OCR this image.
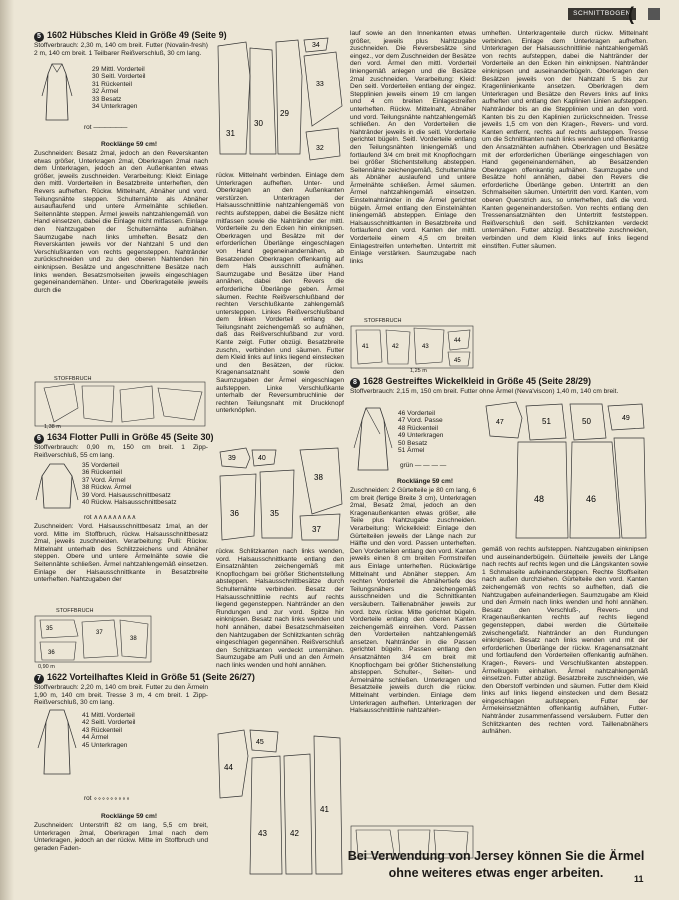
SCHNITTBOGEN
(

5 1602 Hübsches Kleid in Größe 49 (Seite 9)

Stoffverbrauch: 2,30 m, 140 cm breit. Futter (Novalin-fresh) 2 m, 140 cm breit. 1 Teilbarer Reißverschluß, 30 cm lang.

29 Mittl. Vorderteil
30 Seitl. Vorderteil
31 Rückenteil
32 Ärmel
33 Besatz
34 Unterkragen
rot ——————
Rocklänge 59 cm!

Zuschneiden: Besatz 2mal, jedoch an den Reverskanten etwas größer, Unterkragen 2mal, Oberkragen 2mal nach dem Unterkragen, jedoch an den Außenkanten etwas größer, jeweils zuschneiden. Verarbeitung: Kleid: Einlage den mittl. Vorderteilen in Besatzbreite unterheften, den Revers aufheften. Rückw. Mittelnaht, Abnäher und vord. Teilungsnähte steppen. Schulternähte als Abnäher ausauflaufend und untere Ärmelnähte schließen. Seitennähte steppen. Ärmel jeweils nahtzahlengemäß von Hand einsetzen, dabei die Einlage nicht mitfassen. Einlage den Nahtzugaben der Schulternähte aufnähen. Saumzugabe nach links umheften. Besatz den Reverskanten jeweils vor der Nahtzahl 5 und den Verschlußkanten von rechts gegensteppen. Nahtränder zurückschneiden und zu den oberen Nahtenden hin einknipsen. Besätze und angeschnittene Besätze nach links wenden. Besatzsmolseiten jeweils eingeschlagen gegeneinandernähen. Unter- und Oberkrageteile jeweils durch die

STOFFBRUCH
1,38 m

6 1634 Flotter Pulli in Größe 45 (Seite 30)

Stoffverbrauch: 0,90 m, 150 cm breit. 1 Zipp-Reißverschluß, 55 cm lang.

35 Vorderteil
36 Rückenteil
37 Vord. Ärmel
38 Rückw. Ärmel
39 Vord. Halsausschnittbesatz
40 Rückw. Halsausschnittbesatz
rot ∧∧∧∧∧∧∧∧∧

Zuschneiden: Vord. Halsausschnittbesatz 1mal, an der vord. Mitte im Stoffbruch, rückw. Halsausschnittbesatz 2mal, jeweils zuschneiden. Verarbeitung: Pulli: Rückw. Mittelnaht unterhalb des Schlitzzeichens und Abnäher steppen. Obere und untere Ärmelnähte sowie die Seitennähte schließen. Ärmel nahtzahlengemäß einsetzen. Einlage der Halsausschnittkante in Besatzbreite unterheften. Nahtzugaben der

35
37
36
38
STOFFBRUCH
0,90 m

7 1622 Vorteilhaftes Kleid in Größe 51 (Seite 26/27)

Stoffverbrauch: 2,20 m, 140 cm breit. Futter zu den Ärmeln 1,90 m, 140 cm breit. Tresse 3 m, 4 cm breit. 1 Zipp-Reißverschluß, 30 cm lang.

41 Mittl. Vorderteil
42 Seitl. Vorderteil
43 Rückenteil
44 Ärmel
45 Unterkragen
rot ∘∘∘∘∘∘∘∘∘
Rocklänge 59 cm!

Zuschneiden: Unterstrift 82 cm lang, 5,5 cm breit, Unterkragen 2mal, Oberkragen 1mal nach dem Unterkragen, jedoch an der rückw. Mitte im Stoffbruch und geraden Faden-

31
30
29
34
33
32

rückw. Mittelnaht verbinden. Einlage dem Unterkragen aufheften. Unter- und Oberkragen an den Außenkanten verstürzen. Unterkragen der Halsausschnittlinie nahtzahlengemäß von rechts aufsteppen, dabei die Besätze nicht mitfassen sowie die Nahtränder der mittl. Vorderteile zu den Ecken hin einknipsen. Oberkragen und Besätze mit der erforderlichen Überlänge eingeschlagen von Hand gegeneinandernähen, ab Besatzenden Oberkragen offenkantig auf dem Hals ausschnitt aufnähen. Saumzugabe und Besätze über Hand annähen, dabei den Revers die erforderliche Überlänge geben. Ärmel säumen. Rechte Reißverschlußband der rechten Verschlußkante zahlengemäß untersteppen. Linkes Reißverschlußband dem linken Vorderteil entlang der Teilungsnaht zeichengemäß so aufnähen, daß das Reißverschlußband zur vord. Kante zeigt. Futter obzügi. Besatzbreite zuschn., verbinden und säumen. Futter dem Kleid links auf links liegend einstecken und den Besätzen, der rückw. Kragenansatznaht sowie den Saumzugaben der Ärmel eingeschlagen aufsteppen. Linke Verschlußkante unterhalb der Reversumbruchlinie der rechten Teilungsnaht mit Druckknopf unterknöpfen.

39	40
38
37
36	35

rückw. Schlitzkanten nach links wenden, vord. Halsausschnittkante entlang den Einsatznähten zeichengemäß mit Knopflochgarn bei größer Stichentstellung absteppen. Halsausschnittbesätze durch Schulternähte verbinden. Besatz der Halsausschnittlinie rechts auf rechts liegend gegensteppen. Nahtränder an den Rundungen und zur vord. Spitze hin einknipsen. Besatz nach links wenden und hohl annähen, dabei Besatzschmalseiten den Nahtzugaben der Schlitzkanten schräg eingeschlagen gegennähen. Reißverschluß den Schlitzkanten verdeckt unternähen. Saumzugabe am Pulli und an den Ärmeln nach links wenden und hohl annähen.

44
45
43	42
41

lauf sowie an den Innenkanten etwas größer, jeweils plus Nahtzugabe zuschneiden. Die Reversbesätze sind eingez., vor dem Zuschneiden der Besätze den vord. Ärmel den mittl. Vorderteil liniengemäß anlegen und die Besätze 2mal zuschneiden. Verarbeitung: Kleid: Den seitl. Vorderteilen entlang der eingez. Stepplinien jeweils einem 19 cm langen und 4 cm breiten Einlagestreifen unterheften. Rückw. Mittelnaht, Abnäher und vord. Teilungsnähte nahtzahlengemäß schließen. An den Vorderteilen die Nahtränder jeweils in die seitl. Vorderteile gerichtet bügeln. Seitl. Vorderteile entlang den Teilungsnähten liniengemäß und fortlaufend 3/4 cm breit mit Knopflochgarn bei größer Stichentstellung absteppen. Seitennähte zeichengemäß, Schulternähte als Abnäher auslaufend und untere Ärmelnähte schließen. Ärmel säumen. Ärmel nahtzahlengemäß einsetzen. Einstelnahtränder in die Ärmel gerichtet bügeln. Ärmel entlang den Einstelnähten liniengemäß absteppen. Einlage den Halsausschnittkanten in Besatzbreite und fortlaufend den vord. Kanten der mittl. Vorderteile einem 4,5 cm breiten Einlagestreifen unterheften. Untertritt mit Einlage verstärken. Saumzugabe nach links

41	42	43
44
45
STOFFBRUCH
1,25 m

8 1628 Gestreiftes Wickelkleid in Größe 45 (Seite 28/29)

Stoffverbrauch: 2,15 m, 150 cm breit. Futter ohne Ärmel (Neva'viscon) 1,40 m, 140 cm breit.

46 Vorderteil
47 Vord. Passe
48 Rückenteil
49 Unterkragen
50 Besatz
51 Ärmel
grün — — — —
Rocklänge 59 cm!

Zuschneiden: 2 Gürtelteile je 80 cm lang, 6 cm breit (fertige Breite 3 cm), Unterkragen 2mal, Besatz 2mal, jedoch an den Kragenaußenkanten etwas größer, alle Teile plus Nahtzugabe zuschneiden. Verarbeitung: Wickelkleid: Einlage den Gürtelteilen jeweils der Länge nach zur Hälfte und den vord. Passen unterheften. Den Vorderteilen entlang den vord. Kanten jeweils einen 8 cm breiten Formstreifen aus Einlage unterheften. Rückwärtige Mittelnaht und Abnäher steppen. Am rechten Vorderteil die Abnähertiefe des Teilungsnähers zeichengemäß ausschneiden und die Schnittkanten versäubern. Taillenabnäher jeweils zur vord. bzw. rückw. Mitte gerichtet bügeln. Vorderteile entlang den oberen Kanten zeichengemäß einreihen. Vord. Passen den Vorderteilen nahtzahlengemäß ansetzen. Nahtränder in die Passen gerichtet bügeln. Passen entlang den Ansatznähten 3/4 cm breit mit Knopflochgarn bei größer Stichenstellung absteppen. Schulter-, Seiten- und Ärmelnähte schließen. Unterkragen und Besatzteile jeweils durch die rückw. Mittelnaht verbinden. Einlage dem Unterkragen aufheften. Unterkragen der Halsausschnittlinie nahtzahlen-

umheften. Unterkragenteile durch rückw. Mittelnaht verbinden. Einlage dem Unterkragen aufheften. Unterkragen der Halsausschnittlinie nahtzahlengemäß von rechts aufsteppen, dabei die Nahtränder der Vorderteile an den Ecken hin einknipsen. Nahtränder einknipsen und auseinanderbügeln. Oberkragen den Besätzen jeweils von der Nahtzahl 5 bis zur Kragenlinienkante ansetzen. Oberkragen dem Unterkragen und Besätze den Revers links auf links aufheften und entlang den Kaplinien Linien aufsteppen. Nahtränder bis an die Stepplinien und an den vord. Kanten bis zu den Kaplinien zurückschneiden. Tresse jeweils 1,5 cm von den Kragen-, Revers- und vord. Kanten entfernt, rechts auf rechts aufsteppen. Tresse um die Schnittkanten nach links wenden und offenkantig den Ansatznähten aufnähen. Oberkragen und Besätze mit der erforderlichen Überlänge eingeschlagen von Hand gegeneinandernähen, ab Besatzenden Oberkragen offenkantig aufnähen. Saumzugabe und Besätze hohl annähen, dabei den Revers die erforderliche Überlänge geben. Untertritt an den Schmalseiten säumen. Untertritt den vord. Kanten, vom oberen Querstrich aus, so unterheften, daß die vord. Kanten gegeneinanderstoßen. Von rechts entlang den Tressenansatznähten den Untertritt feststeppen. Reißverschluß den seitl. Schlitzkanten verdeckt unternähen. Futter abzügl. Besatzbreite zuschneiden, verbinden und dem Kleid links auf links liegend einstiften. Futter säumen.

47	51	50	49
48	46

gemäß von rechts aufsteppen. Nahtzugaben einknipsen und auseinanderbügeln. Gürtelteile jeweils der Länge nach rechts auf rechts legen und die Längskanten sowie 1 Schmalseite aufeinandersteppen. Rechte Stoffseiten nach außen durchziehen. Gürtelteile den vord. Kanten zeichengemäß von rechts so aufheften, daß die Nahtzugaben aufeinanderliegen. Saumzugabe am Kleid und den Ärmeln nach links wenden und hohl annähen. Besatz den Verschluß-, Revers- und Kragenaußenkanten rechts auf rechts liegend gegensteppen, dabei werden die Gürtelteile zwischengefaßt. Nahtränder an den Rundungen einknipsen. Besatz nach links wenden und mit der erforderlichen Überlänge der rückw. Kragenansatznaht und fortlaufend den Vorderteilen offenkantig aufnähen. Kragen-, Revers- und Verschlußkanten absteppen. Ärmelkugeln einhalten. Ärmel nahtzahlengemäß einsetzen. Futter abzügl. Besatzbreite zuschneiden, wie den Oberstoff verbinden und säumen. Futter dem Kleid links auf links liegend einstecken und dem Besatz eingeschlagen aufsteppen. Futter der Ärmeleinsetznähten offenkantig aufnähen, Futter-Nahtränder zusammenfassend versäubern. Futter den Schlitzkanten des rechten vord. Taillenabnähers aufnähen.

Bei Verwendung von Jersey können Sie die Ärmel ohne weiteres etwas enger arbeiten.	11
